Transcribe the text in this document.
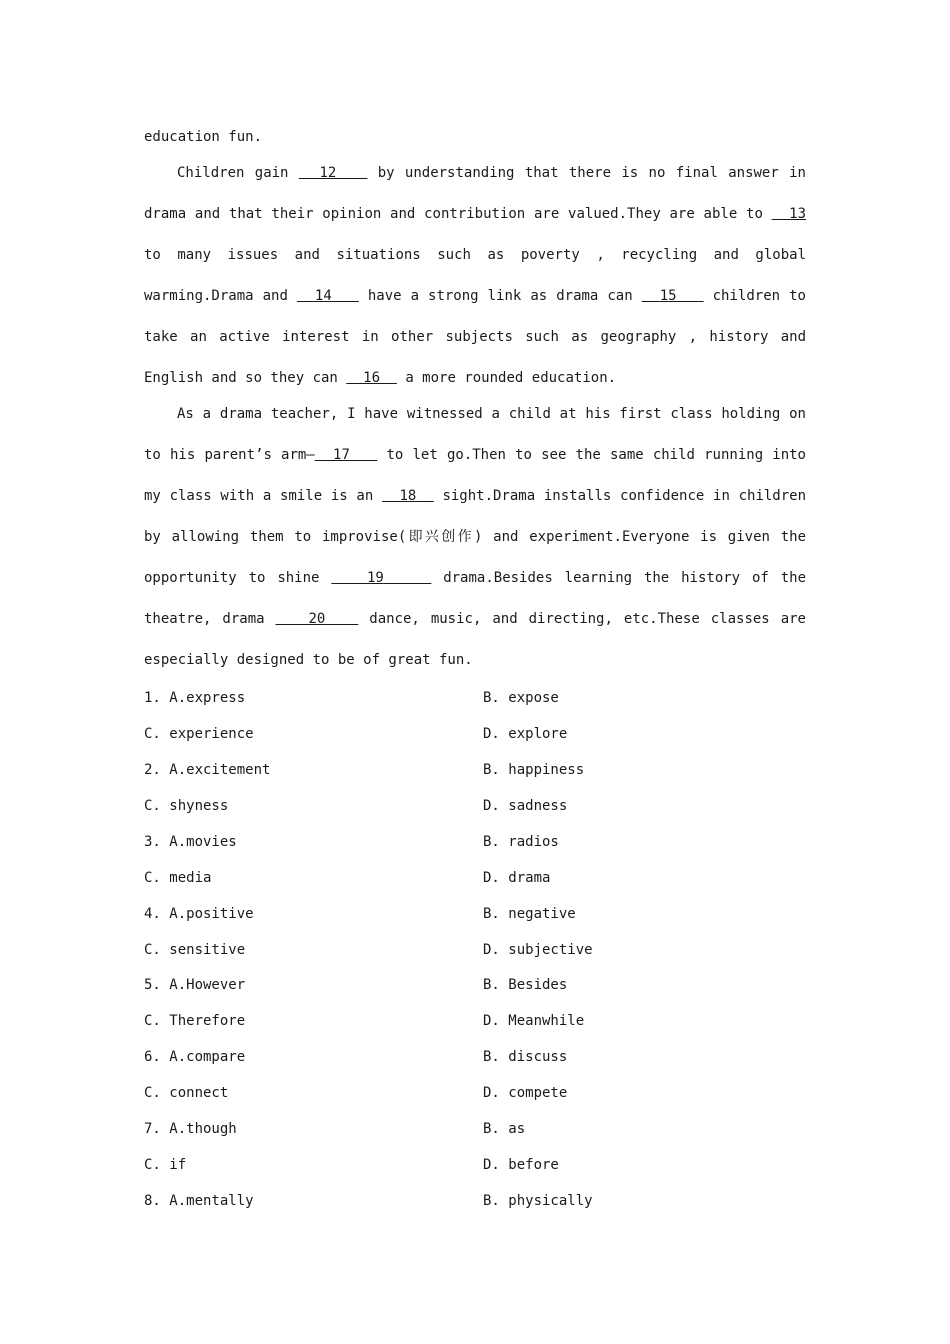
education fun.
Children gain 12	by understanding that there is no final answer in
drama and that their opinion and contribution are valued.They are able to 13
to many issues and situations such as poverty , recycling and global
warming.Drama and 14	have a strong link as drama can 15	children to
take an active interest in other subjects such as geography , history and
English and so they can 16 a more rounded education.
As a drama teacher, I have witnessed a child at his first class holding on
to his parent’s arm— 17	to let go.Then to see the same child running into
my class with a smile is an 18 sight.Drama installs confidence in children
by allowing them to improvise(即兴创作) and experiment.Everyone is given the
opportunity to shine	19	drama.Besides learning the history of the
theatre, drama	20	dance, music, and directing, etc.These classes are
especially designed to be of great fun.
1. A.express	B. expose
C. experience	D. explore
2. A.excitement	B. happiness
C. shyness	D. sadness
3. A.movies	B. radios
C. media	D. drama
4. A.positive	B. negative
C. sensitive	D. subjective
5. A.However	B. Besides
C. Therefore	D. Meanwhile
6. A.compare	B. discuss
C. connect	D. compete
7. A.though	B. as
C. if	D. before
8. A.mentally	B. physically
